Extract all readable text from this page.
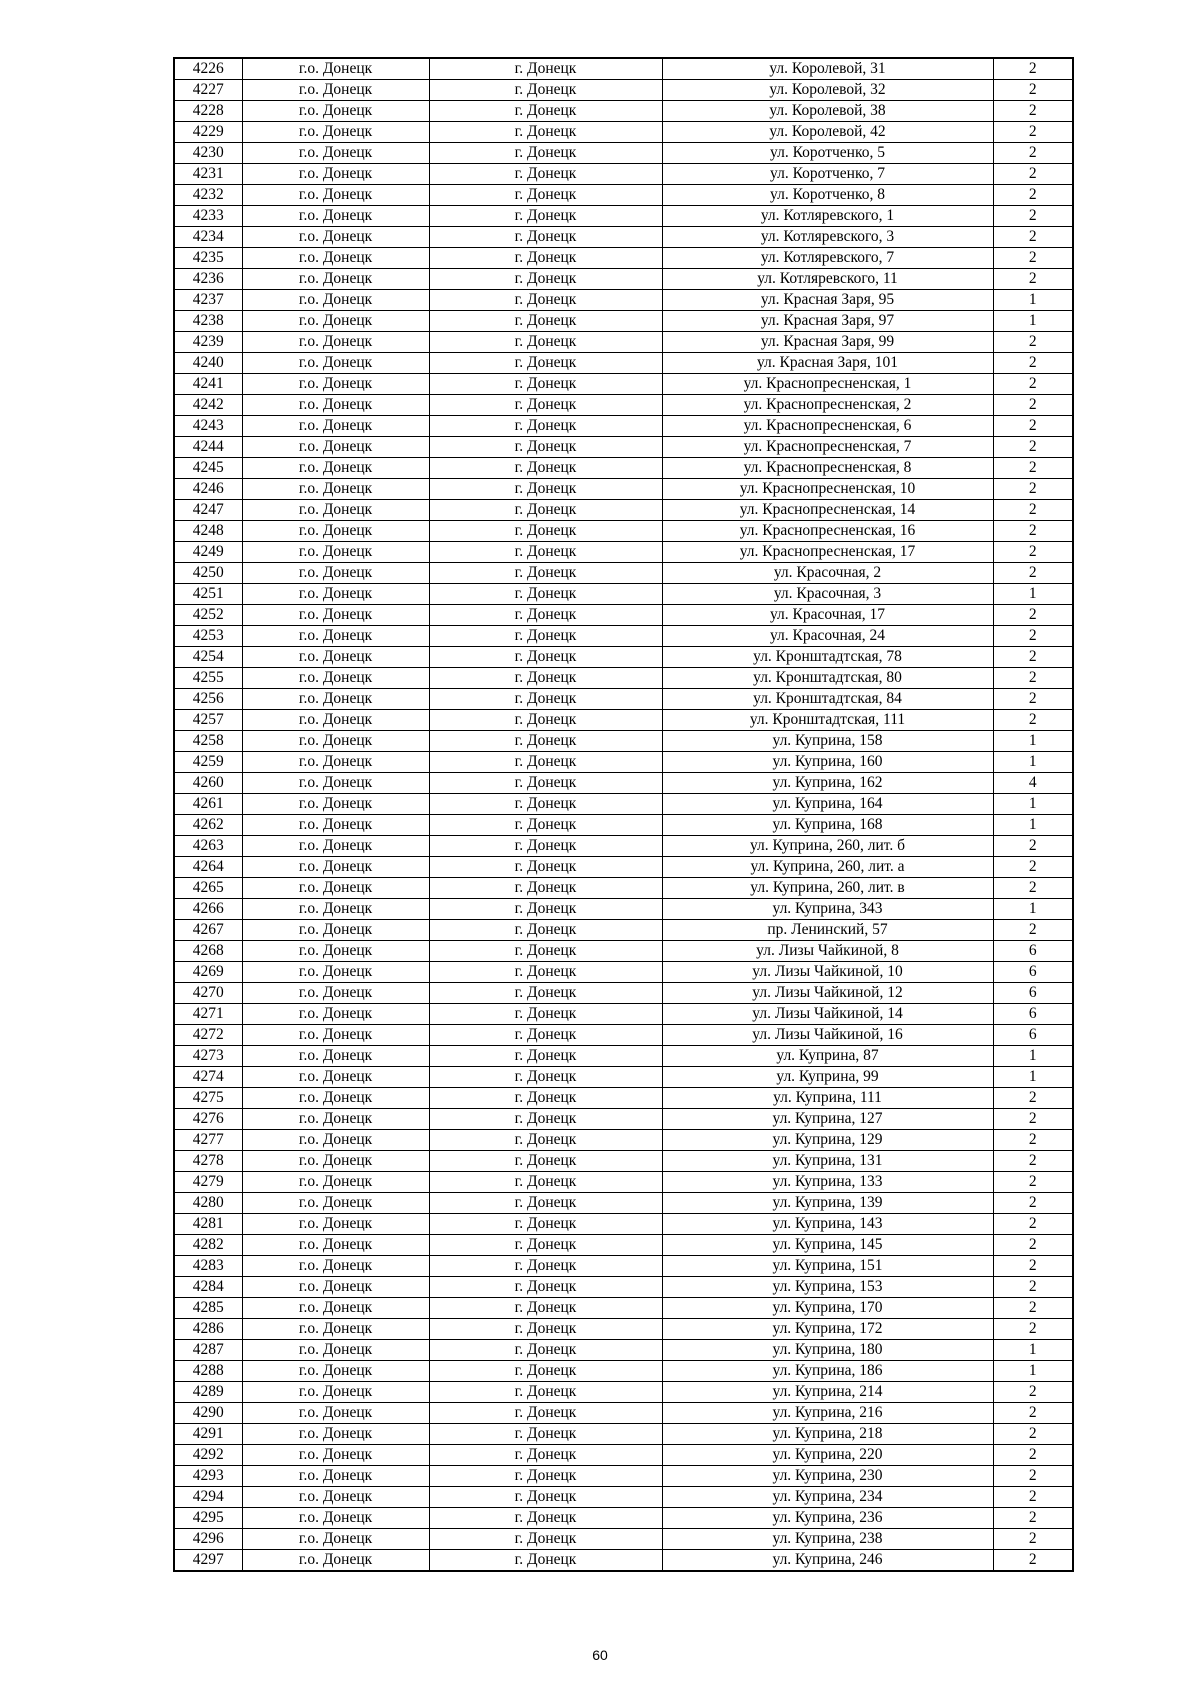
4226	г.о. Донецк	г. Донецк	ул. Королевой, 31	2
4227	г.о. Донецк	г. Донецк	ул. Королевой, 32	2
4228	г.о. Донецк	г. Донецк	ул. Королевой, 38	2
4229	г.о. Донецк	г. Донецк	ул. Королевой, 42	2
4230	г.о. Донецк	г. Донецк	ул. Коротченко, 5	2
4231	г.о. Донецк	г. Донецк	ул. Коротченко, 7	2
4232	г.о. Донецк	г. Донецк	ул. Коротченко, 8	2
4233	г.о. Донецк	г. Донецк	ул. Котляревского, 1	2
4234	г.о. Донецк	г. Донецк	ул. Котляревского, 3	2
4235	г.о. Донецк	г. Донецк	ул. Котляревского, 7	2
4236	г.о. Донецк	г. Донецк	ул. Котляревского, 11	2
4237	г.о. Донецк	г. Донецк	ул. Красная Заря, 95	1
4238	г.о. Донецк	г. Донецк	ул. Красная Заря, 97	1
4239	г.о. Донецк	г. Донецк	ул. Красная Заря, 99	2
4240	г.о. Донецк	г. Донецк	ул. Красная Заря, 101	2
4241	г.о. Донецк	г. Донецк	ул. Краснопресненская, 1	2
4242	г.о. Донецк	г. Донецк	ул. Краснопресненская, 2	2
4243	г.о. Донецк	г. Донецк	ул. Краснопресненская, 6	2
4244	г.о. Донецк	г. Донецк	ул. Краснопресненская, 7	2
4245	г.о. Донецк	г. Донецк	ул. Краснопресненская, 8	2
4246	г.о. Донецк	г. Донецк	ул. Краснопресненская, 10	2
4247	г.о. Донецк	г. Донецк	ул. Краснопресненская, 14	2
4248	г.о. Донецк	г. Донецк	ул. Краснопресненская, 16	2
4249	г.о. Донецк	г. Донецк	ул. Краснопресненская, 17	2
4250	г.о. Донецк	г. Донецк	ул. Красочная, 2	2
4251	г.о. Донецк	г. Донецк	ул. Красочная, 3	1
4252	г.о. Донецк	г. Донецк	ул. Красочная, 17	2
4253	г.о. Донецк	г. Донецк	ул. Красочная, 24	2
4254	г.о. Донецк	г. Донецк	ул. Кронштадтская, 78	2
4255	г.о. Донецк	г. Донецк	ул. Кронштадтская, 80	2
4256	г.о. Донецк	г. Донецк	ул. Кронштадтская, 84	2
4257	г.о. Донецк	г. Донецк	ул. Кронштадтская, 111	2
4258	г.о. Донецк	г. Донецк	ул. Куприна, 158	1
4259	г.о. Донецк	г. Донецк	ул. Куприна, 160	1
4260	г.о. Донецк	г. Донецк	ул. Куприна, 162	4
4261	г.о. Донецк	г. Донецк	ул. Куприна, 164	1
4262	г.о. Донецк	г. Донецк	ул. Куприна, 168	1
4263	г.о. Донецк	г. Донецк	ул. Куприна, 260, лит. б	2
4264	г.о. Донецк	г. Донецк	ул. Куприна, 260, лит. а	2
4265	г.о. Донецк	г. Донецк	ул. Куприна, 260, лит. в	2
4266	г.о. Донецк	г. Донецк	ул. Куприна, 343	1
4267	г.о. Донецк	г. Донецк	пр. Ленинский, 57	2
4268	г.о. Донецк	г. Донецк	ул. Лизы Чайкиной, 8	6
4269	г.о. Донецк	г. Донецк	ул. Лизы Чайкиной, 10	6
4270	г.о. Донецк	г. Донецк	ул. Лизы Чайкиной, 12	6
4271	г.о. Донецк	г. Донецк	ул. Лизы Чайкиной, 14	6
4272	г.о. Донецк	г. Донецк	ул. Лизы Чайкиной, 16	6
4273	г.о. Донецк	г. Донецк	ул. Куприна, 87	1
4274	г.о. Донецк	г. Донецк	ул. Куприна, 99	1
4275	г.о. Донецк	г. Донецк	ул. Куприна, 111	2
4276	г.о. Донецк	г. Донецк	ул. Куприна, 127	2
4277	г.о. Донецк	г. Донецк	ул. Куприна, 129	2
4278	г.о. Донецк	г. Донецк	ул. Куприна, 131	2
4279	г.о. Донецк	г. Донецк	ул. Куприна, 133	2
4280	г.о. Донецк	г. Донецк	ул. Куприна, 139	2
4281	г.о. Донецк	г. Донецк	ул. Куприна, 143	2
4282	г.о. Донецк	г. Донецк	ул. Куприна, 145	2
4283	г.о. Донецк	г. Донецк	ул. Куприна, 151	2
4284	г.о. Донецк	г. Донецк	ул. Куприна, 153	2
4285	г.о. Донецк	г. Донецк	ул. Куприна, 170	2
4286	г.о. Донецк	г. Донецк	ул. Куприна, 172	2
4287	г.о. Донецк	г. Донецк	ул. Куприна, 180	1
4288	г.о. Донецк	г. Донецк	ул. Куприна, 186	1
4289	г.о. Донецк	г. Донецк	ул. Куприна, 214	2
4290	г.о. Донецк	г. Донецк	ул. Куприна, 216	2
4291	г.о. Донецк	г. Донецк	ул. Куприна, 218	2
4292	г.о. Донецк	г. Донецк	ул. Куприна, 220	2
4293	г.о. Донецк	г. Донецк	ул. Куприна, 230	2
4294	г.о. Донецк	г. Донецк	ул. Куприна, 234	2
4295	г.о. Донецк	г. Донецк	ул. Куприна, 236	2
4296	г.о. Донецк	г. Донецк	ул. Куприна, 238	2
4297	г.о. Донецк	г. Донецк	ул. Куприна, 246	2
60
